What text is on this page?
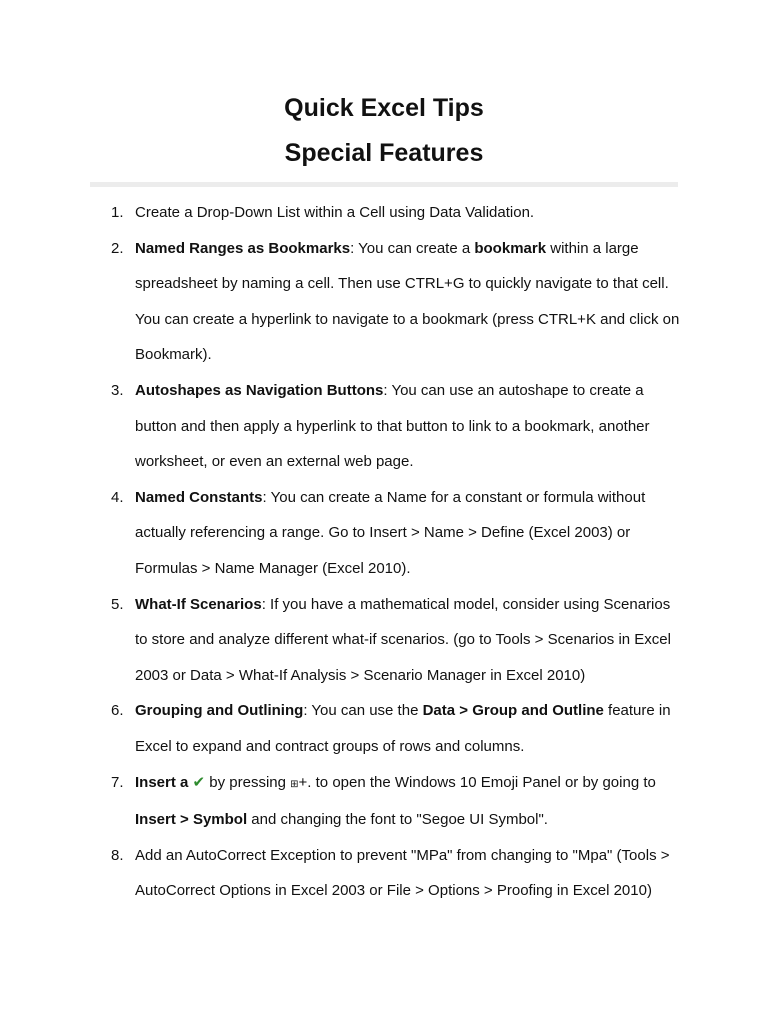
Quick Excel Tips
Special Features
1. Create a Drop-Down List within a Cell using Data Validation.
2. Named Ranges as Bookmarks: You can create a bookmark within a large spreadsheet by naming a cell. Then use CTRL+G to quickly navigate to that cell. You can create a hyperlink to navigate to a bookmark (press CTRL+K and click on Bookmark).
3. Autoshapes as Navigation Buttons: You can use an autoshape to create a button and then apply a hyperlink to that button to link to a bookmark, another worksheet, or even an external web page.
4. Named Constants: You can create a Name for a constant or formula without actually referencing a range. Go to Insert > Name > Define (Excel 2003) or Formulas > Name Manager (Excel 2010).
5. What-If Scenarios: If you have a mathematical model, consider using Scenarios to store and analyze different what-if scenarios. (go to Tools > Scenarios in Excel 2003 or Data > What-If Analysis > Scenario Manager in Excel 2010)
6. Grouping and Outlining: You can use the Data > Group and Outline feature in Excel to expand and contract groups of rows and columns.
7. Insert a ✔ by pressing ⊞+. to open the Windows 10 Emoji Panel or by going to Insert > Symbol and changing the font to "Segoe UI Symbol".
8. Add an AutoCorrect Exception to prevent "MPa" from changing to "Mpa" (Tools > AutoCorrect Options in Excel 2003 or File > Options > Proofing in Excel 2010)
